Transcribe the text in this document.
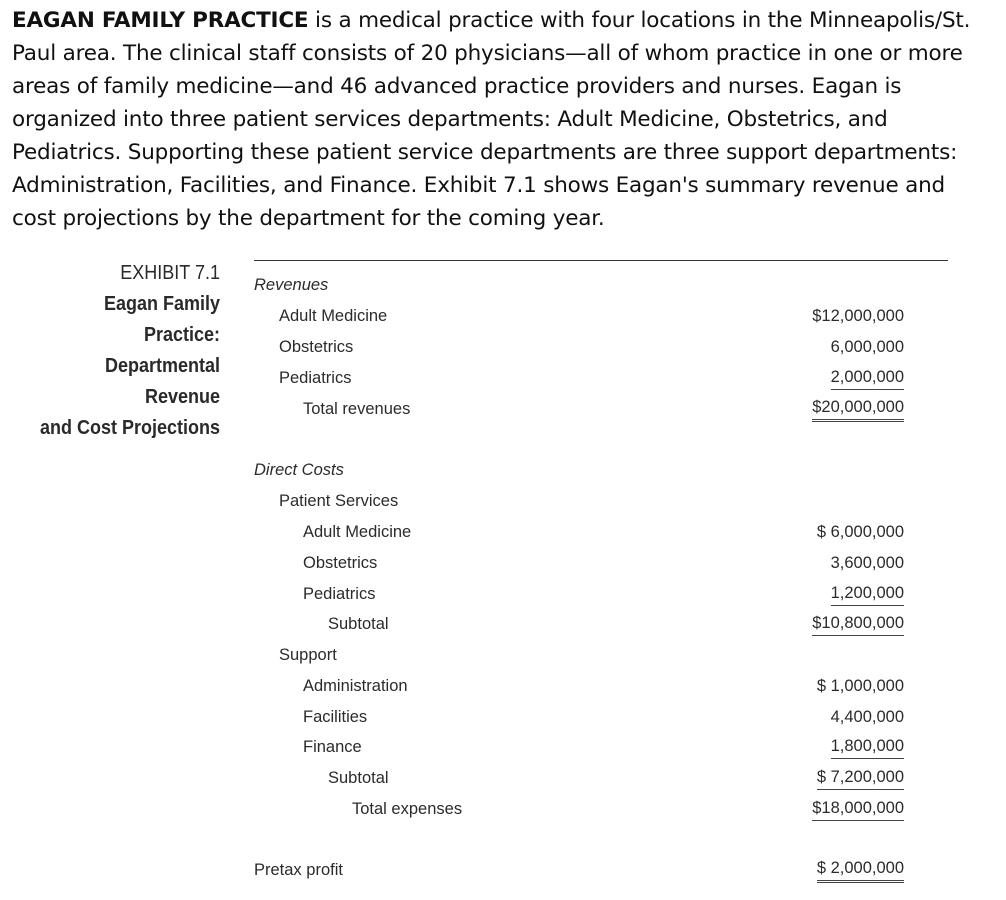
EAGAN FAMILY PRACTICE is a medical practice with four locations in the Minneapolis/St. Paul area. The clinical staff consists of 20 physicians—all of whom practice in one or more areas of family medicine—and 46 advanced practice providers and nurses. Eagan is organized into three patient services departments: Adult Medicine, Obstetrics, and Pediatrics. Supporting these patient service departments are three support departments: Administration, Facilities, and Finance. Exhibit 7.1 shows Eagan's summary revenue and cost projections by the department for the coming year.
EXHIBIT 7.1
Eagan Family Practice:
Departmental Revenue
and Cost Projections
Revenues
Adult Medicine	$12,000,000
Obstetrics	6,000,000
Pediatrics	2,000,000
Total revenues	$20,000,000
Direct Costs
Patient Services
Adult Medicine	$ 6,000,000
Obstetrics	3,600,000
Pediatrics	1,200,000
Subtotal	$10,800,000
Support
Administration	$ 1,000,000
Facilities	4,400,000
Finance	1,800,000
Subtotal	$ 7,200,000
Total expenses	$18,000,000
Pretax profit	$ 2,000,000
